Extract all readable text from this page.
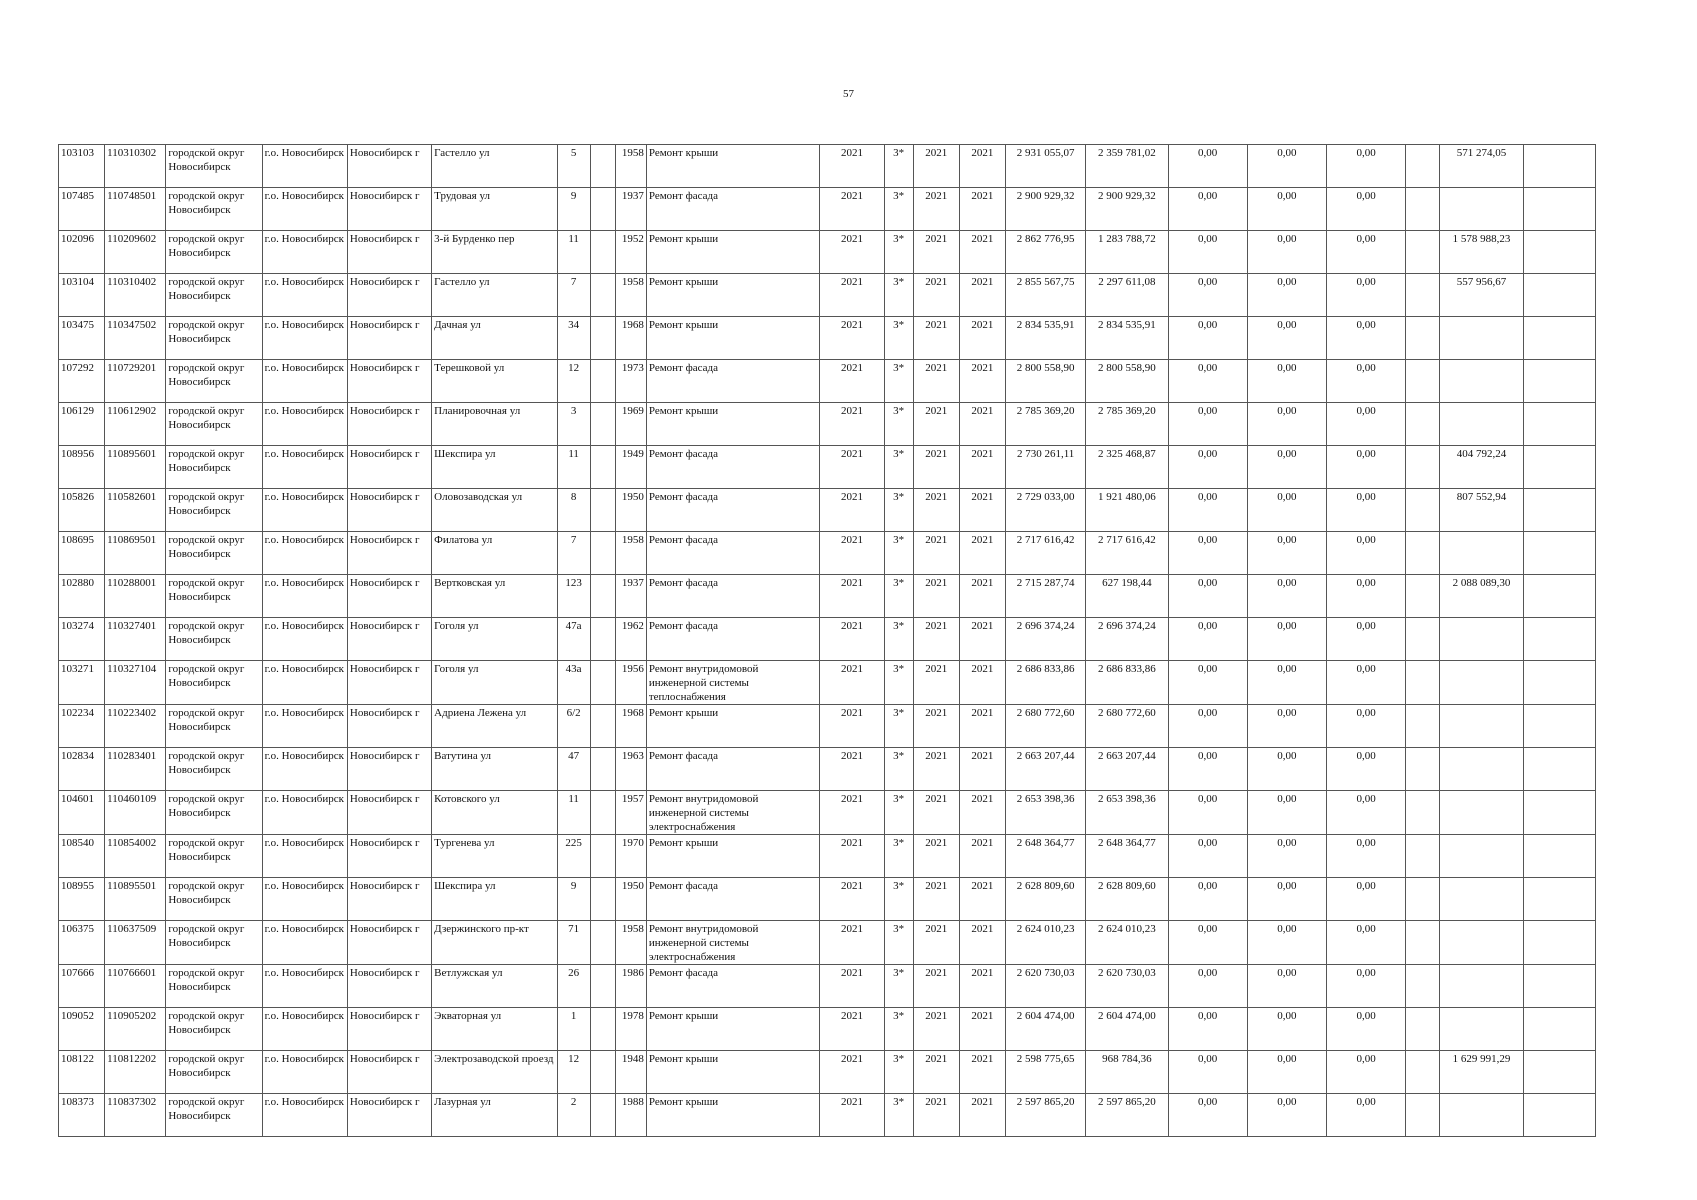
57
103103	110310302	городской округ Новосибирск	г.о. Новосибирск	Новосибирск г	Гастелло ул	5		1958	Ремонт крыши	2021	3*	2021	2021	2 931 055,07	2 359 781,02	0,00	0,00	0,00		571 274,05	
107485	110748501	городской округ Новосибирск	г.о. Новосибирск	Новосибирск г	Трудовая ул	9		1937	Ремонт фасада	2021	3*	2021	2021	2 900 929,32	2 900 929,32	0,00	0,00	0,00			
102096	110209602	городской округ Новосибирск	г.о. Новосибирск	Новосибирск г	3-й Бурденко пер	11		1952	Ремонт крыши	2021	3*	2021	2021	2 862 776,95	1 283 788,72	0,00	0,00	0,00		1 578 988,23	
103104	110310402	городской округ Новосибирск	г.о. Новосибирск	Новосибирск г	Гастелло ул	7		1958	Ремонт крыши	2021	3*	2021	2021	2 855 567,75	2 297 611,08	0,00	0,00	0,00		557 956,67	
103475	110347502	городской округ Новосибирск	г.о. Новосибирск	Новосибирск г	Дачная ул	34		1968	Ремонт крыши	2021	3*	2021	2021	2 834 535,91	2 834 535,91	0,00	0,00	0,00			
107292	110729201	городской округ Новосибирск	г.о. Новосибирск	Новосибирск г	Терешковой ул	12		1973	Ремонт фасада	2021	3*	2021	2021	2 800 558,90	2 800 558,90	0,00	0,00	0,00			
106129	110612902	городской округ Новосибирск	г.о. Новосибирск	Новосибирск г	Планировочная ул	3		1969	Ремонт крыши	2021	3*	2021	2021	2 785 369,20	2 785 369,20	0,00	0,00	0,00			
108956	110895601	городской округ Новосибирск	г.о. Новосибирск	Новосибирск г	Шекспира ул	11		1949	Ремонт фасада	2021	3*	2021	2021	2 730 261,11	2 325 468,87	0,00	0,00	0,00		404 792,24	
105826	110582601	городской округ Новосибирск	г.о. Новосибирск	Новосибирск г	Оловозаводская ул	8		1950	Ремонт фасада	2021	3*	2021	2021	2 729 033,00	1 921 480,06	0,00	0,00	0,00		807 552,94	
108695	110869501	городской округ Новосибирск	г.о. Новосибирск	Новосибирск г	Филатова ул	7		1958	Ремонт фасада	2021	3*	2021	2021	2 717 616,42	2 717 616,42	0,00	0,00	0,00			
102880	110288001	городской округ Новосибирск	г.о. Новосибирск	Новосибирск г	Вертковская ул	123		1937	Ремонт фасада	2021	3*	2021	2021	2 715 287,74	627 198,44	0,00	0,00	0,00		2 088 089,30	
103274	110327401	городской округ Новосибирск	г.о. Новосибирск	Новосибирск г	Гоголя ул	47а		1962	Ремонт фасада	2021	3*	2021	2021	2 696 374,24	2 696 374,24	0,00	0,00	0,00			
103271	110327104	городской округ Новосибирск	г.о. Новосибирск	Новосибирск г	Гоголя ул	43а		1956	Ремонт внутридомовой инженерной системы теплоснабжения	2021	3*	2021	2021	2 686 833,86	2 686 833,86	0,00	0,00	0,00			
102234	110223402	городской округ Новосибирск	г.о. Новосибирск	Новосибирск г	Адриена Лежена ул	6/2		1968	Ремонт крыши	2021	3*	2021	2021	2 680 772,60	2 680 772,60	0,00	0,00	0,00			
102834	110283401	городской округ Новосибирск	г.о. Новосибирск	Новосибирск г	Ватутина ул	47		1963	Ремонт фасада	2021	3*	2021	2021	2 663 207,44	2 663 207,44	0,00	0,00	0,00			
104601	110460109	городской округ Новосибирск	г.о. Новосибирск	Новосибирск г	Котовского ул	11		1957	Ремонт внутридомовой инженерной системы электроснабжения	2021	3*	2021	2021	2 653 398,36	2 653 398,36	0,00	0,00	0,00			
108540	110854002	городской округ Новосибирск	г.о. Новосибирск	Новосибирск г	Тургенева ул	225		1970	Ремонт крыши	2021	3*	2021	2021	2 648 364,77	2 648 364,77	0,00	0,00	0,00			
108955	110895501	городской округ Новосибирск	г.о. Новосибирск	Новосибирск г	Шекспира ул	9		1950	Ремонт фасада	2021	3*	2021	2021	2 628 809,60	2 628 809,60	0,00	0,00	0,00			
106375	110637509	городской округ Новосибирск	г.о. Новосибирск	Новосибирск г	Дзержинского пр-кт	71		1958	Ремонт внутридомовой инженерной системы электроснабжения	2021	3*	2021	2021	2 624 010,23	2 624 010,23	0,00	0,00	0,00			
107666	110766601	городской округ Новосибирск	г.о. Новосибирск	Новосибирск г	Ветлужская ул	26		1986	Ремонт фасада	2021	3*	2021	2021	2 620 730,03	2 620 730,03	0,00	0,00	0,00			
109052	110905202	городской округ Новосибирск	г.о. Новосибирск	Новосибирск г	Экваторная ул	1		1978	Ремонт крыши	2021	3*	2021	2021	2 604 474,00	2 604 474,00	0,00	0,00	0,00			
108122	110812202	городской округ Новосибирск	г.о. Новосибирск	Новосибирск г	Электрозаводской проезд	12		1948	Ремонт крыши	2021	3*	2021	2021	2 598 775,65	968 784,36	0,00	0,00	0,00		1 629 991,29	
108373	110837302	городской округ Новосибирск	г.о. Новосибирск	Новосибирск г	Лазурная ул	2		1988	Ремонт крыши	2021	3*	2021	2021	2 597 865,20	2 597 865,20	0,00	0,00	0,00			
